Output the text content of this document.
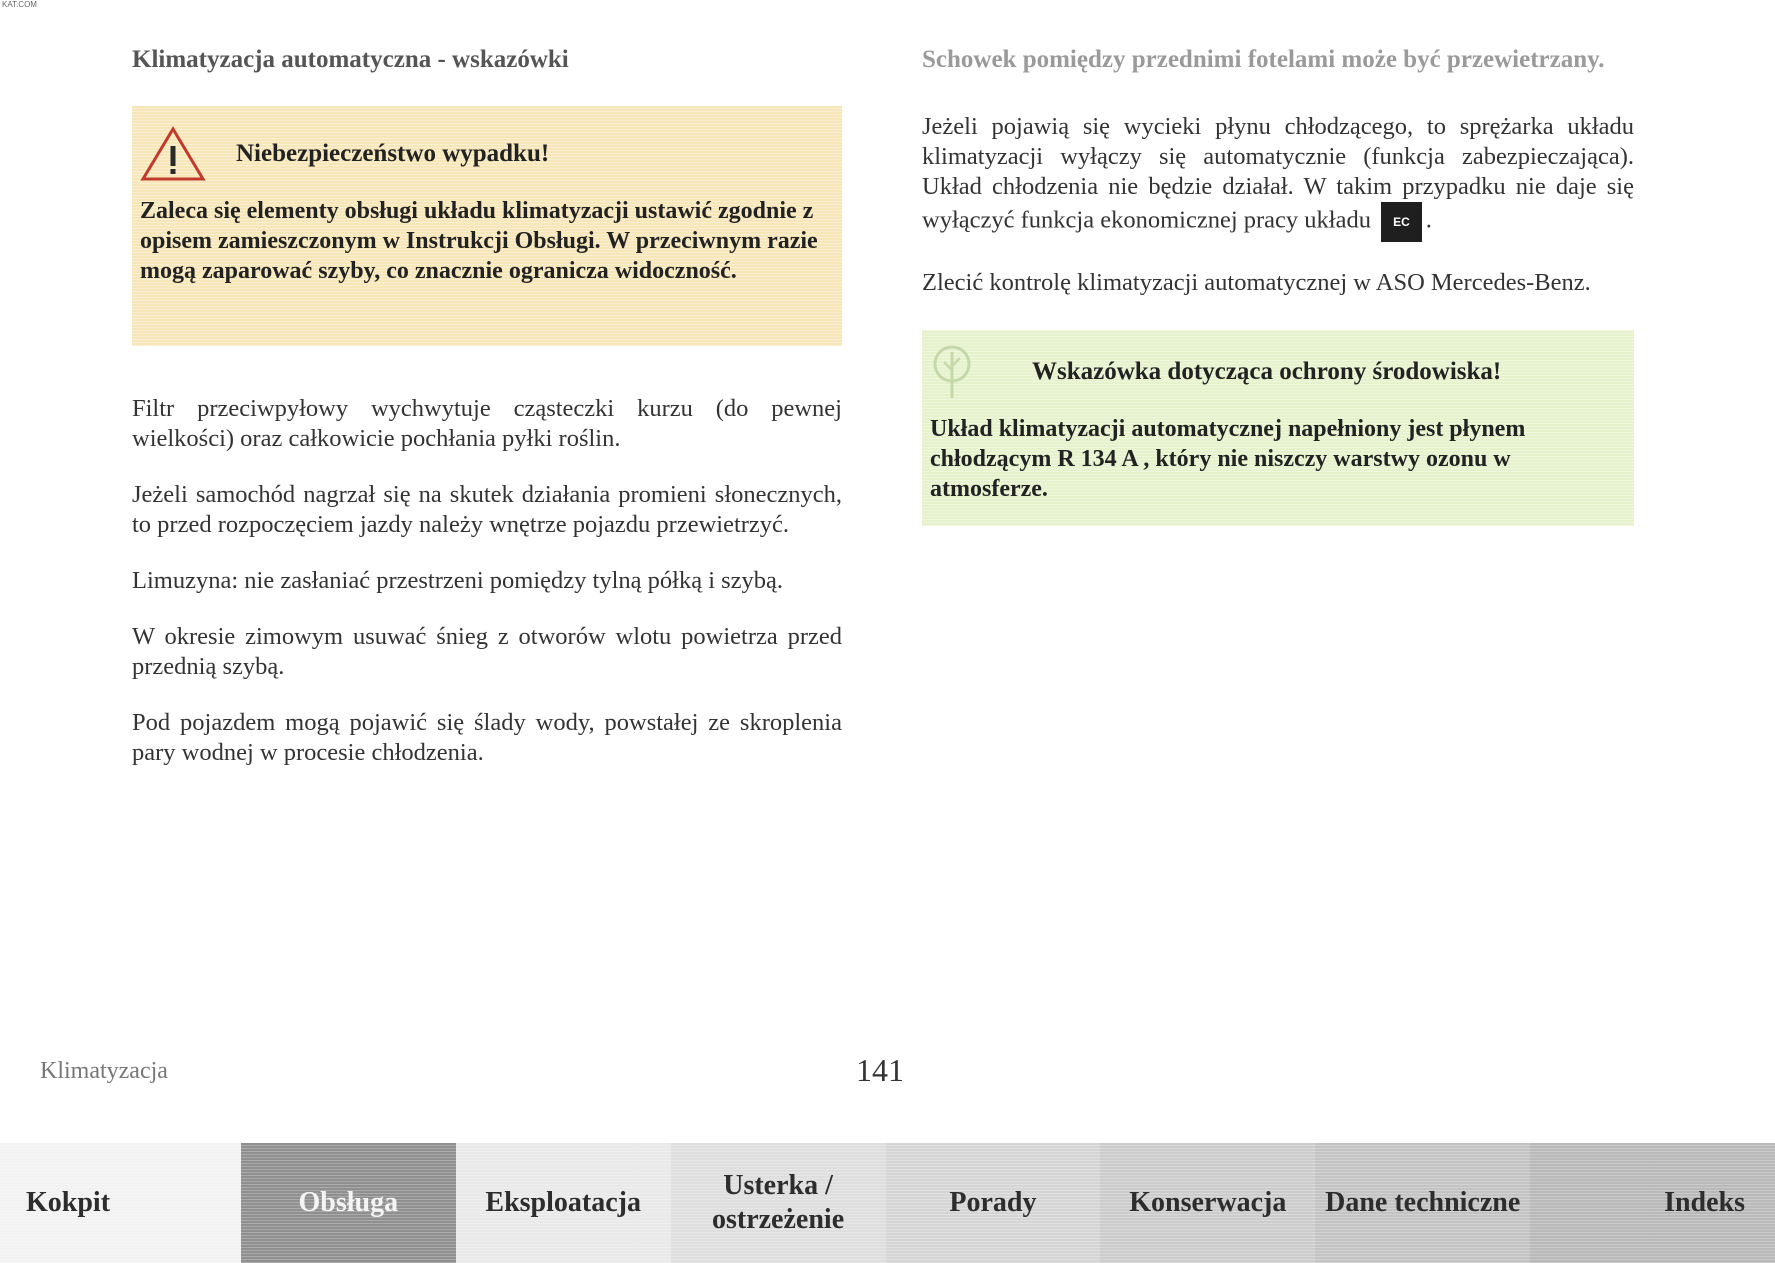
KAT.COM
Klimatyzacja automatyczna - wskazówki
Niebezpieczeństwo wypadku!
Zaleca się elementy obsługi układu klimatyzacji ustawić zgodnie z opisem zamieszczonym w Instrukcji Obsługi. W przeciwnym razie mogą zaparować szyby, co znacznie ogranicza widoczność.

Filtr przeciwpyłowy wychwytuje cząsteczki kurzu (do pewnej wielkości) oraz całkowicie pochłania pyłki roślin.

Jeżeli samochód nagrzał się na skutek działania promieni słonecznych, to przed rozpoczęciem jazdy należy wnętrze pojazdu przewietrzyć.

Limuzyna: nie zasłaniać przestrzeni pomiędzy tylną półką i szybą.

W okresie zimowym usuwać śnieg z otworów wlotu powietrza przed przednią szybą.

Pod pojazdem mogą pojawić się ślady wody, powstałej ze skroplenia pary wodnej w procesie chłodzenia.

Schowek pomiędzy przednimi fotelami może być przewietrzany.

Jeżeli pojawią się wycieki płynu chłodzącego, to sprężarka układu klimatyzacji wyłączy się automatycznie (funkcja zabezpieczająca). Układ chłodzenia nie będzie działał. W takim przypadku nie daje się wyłączyć funkcja ekonomicznej pracy układu EC .

Zlecić kontrolę klimatyzacji automatycznej w ASO Mercedes-Benz.

Wskazówka dotycząca ochrony środowiska!
Układ klimatyzacji automatycznej napełniony jest płynem chłodzącym R 134 A , który nie niszczy warstwy ozonu w atmosferze.
Klimatyzacja	141
Kokpit	Obsługa	Eksploatacja
Usterka / ostrzeżenie
Porady	Konserwacja	Dane techniczne	Indeks
